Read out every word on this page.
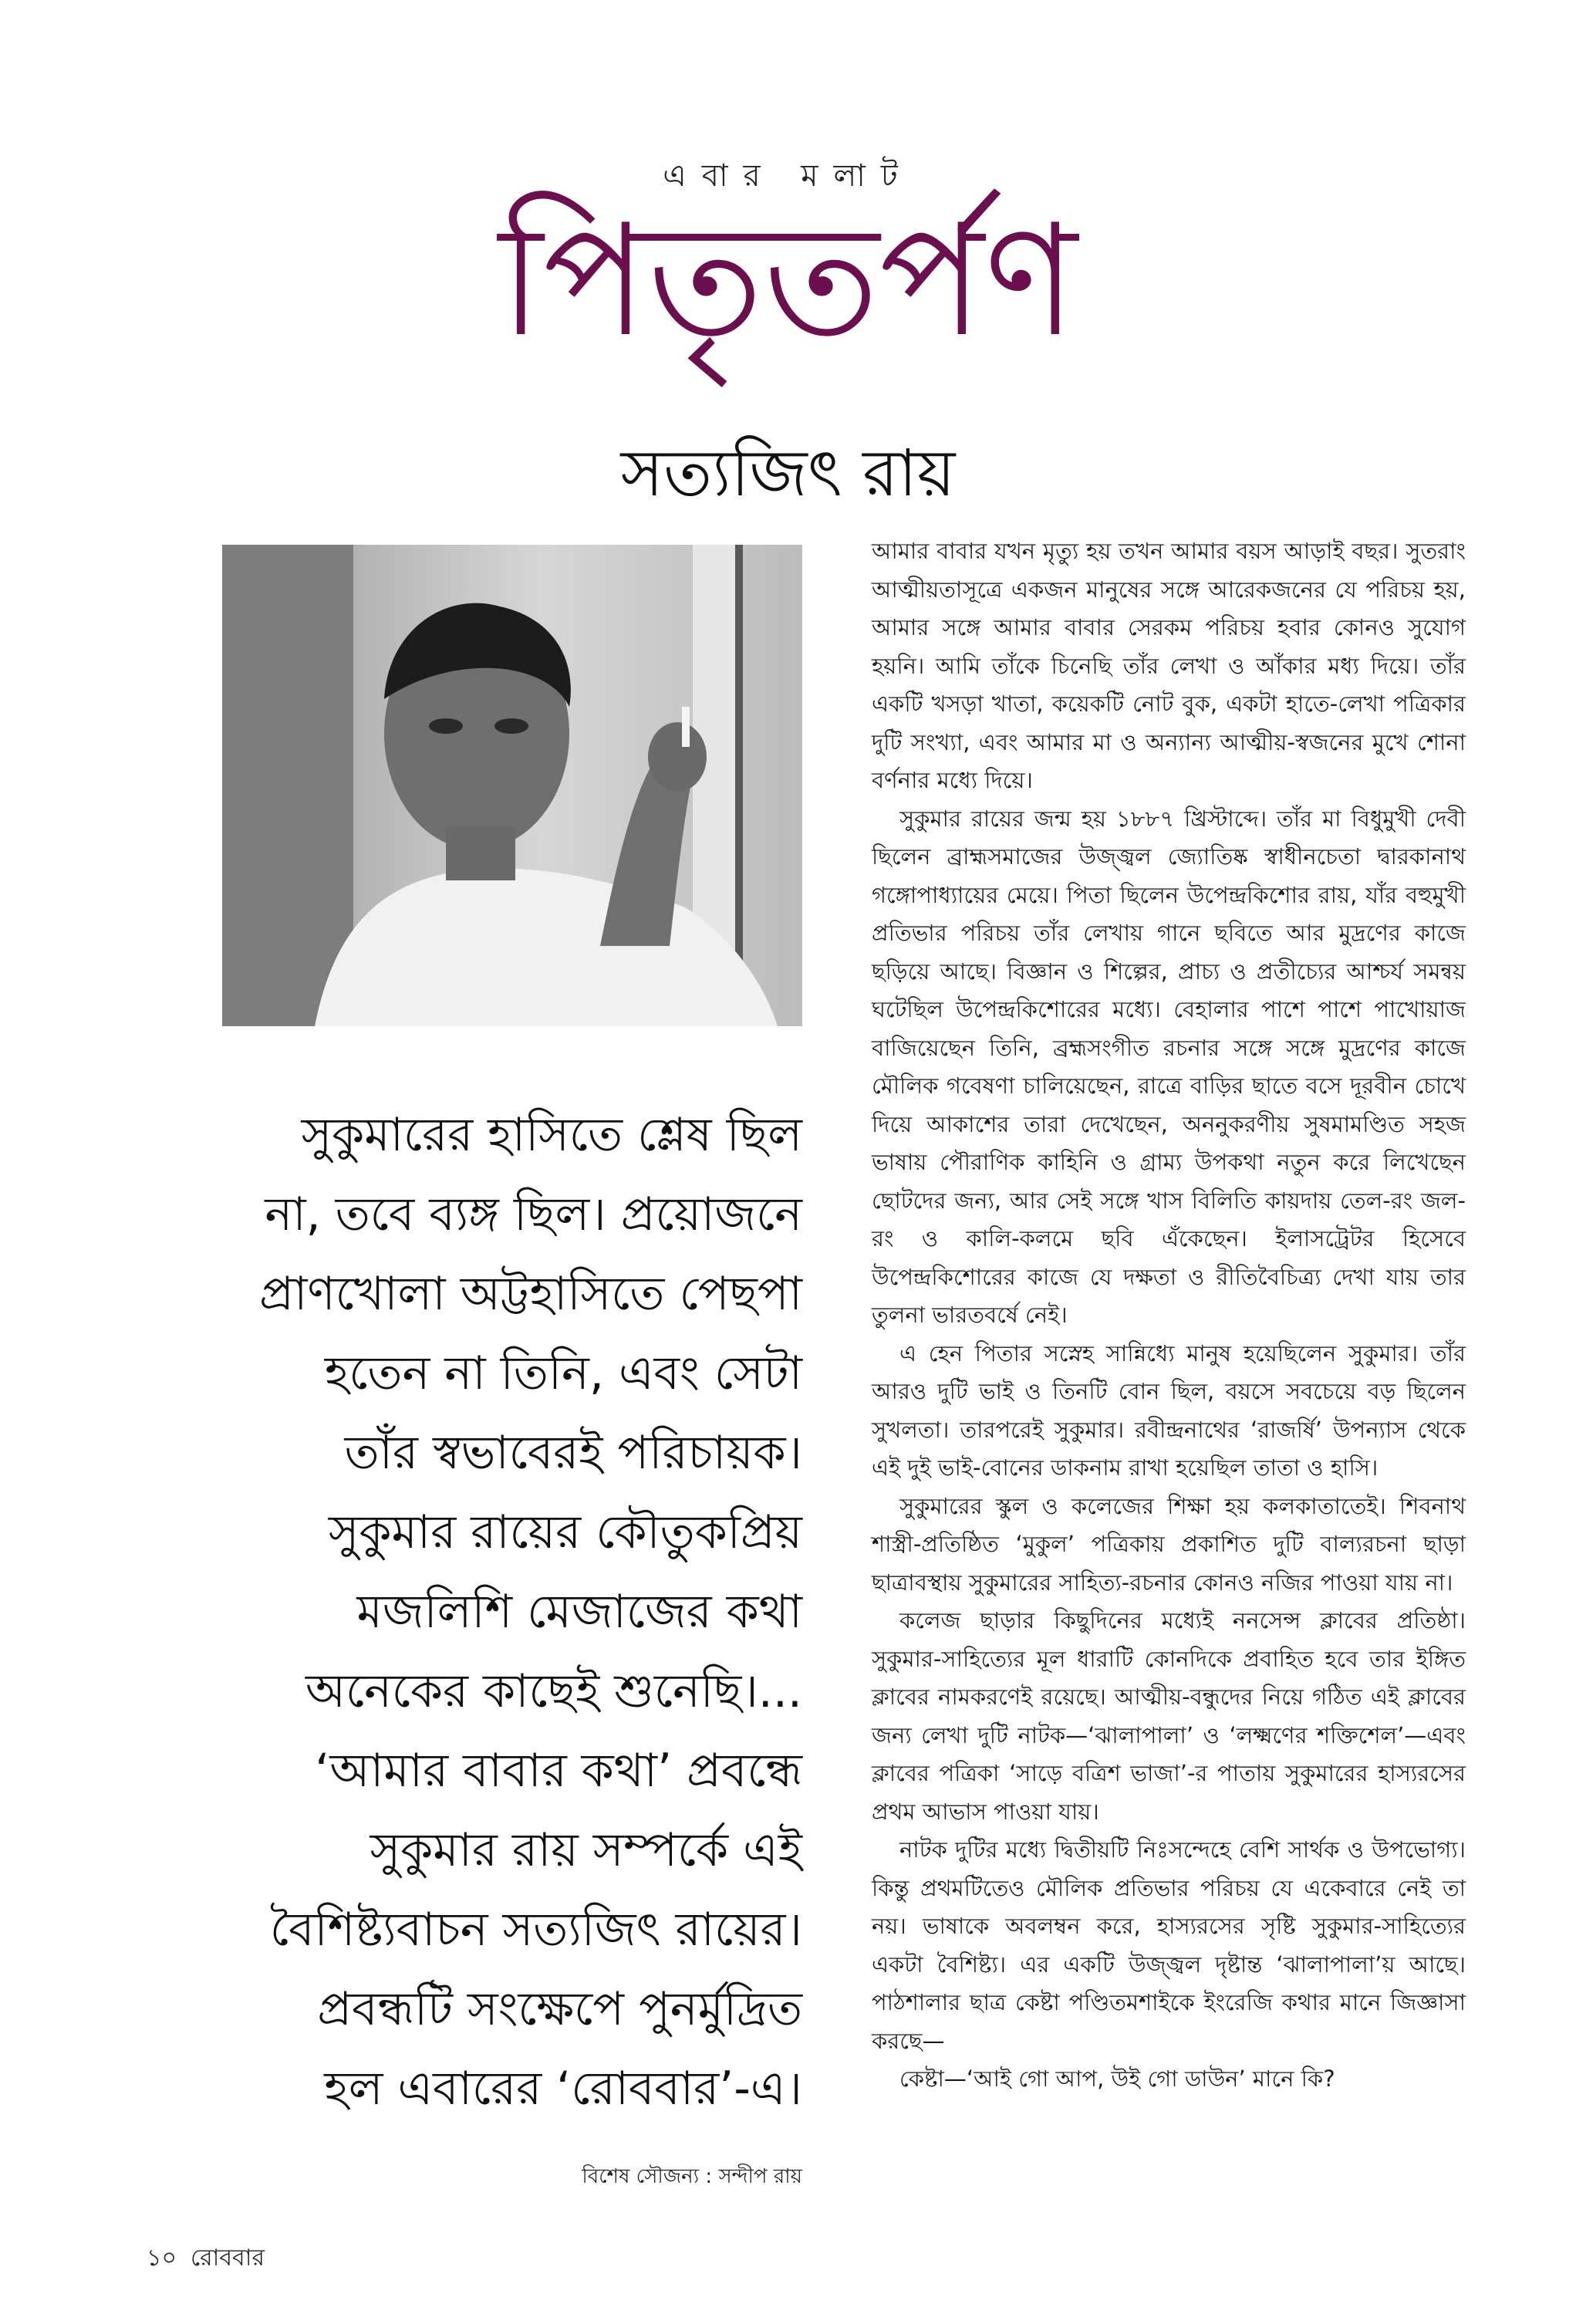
এবার মলাট
পিতৃতর্পণ
সত্যজিৎ রায়

সুকুমারের হাসিতে শ্লেষ ছিল

না, তবে ব্যঙ্গ ছিল। প্রয়োজনে

প্রাণখোলা অট্টহাসিতে পেছপা

হতেন না তিনি, এবং সেটা

তাঁর স্বভাবেরই পরিচায়ক।

সুকুমার রায়ের কৌতুকপ্রিয়

মজলিশি মেজাজের কথা

অনেকের কাছেই শুনেছি।...

‘আমার বাবার কথা’ প্রবন্ধে

সুকুমার রায় সম্পর্কে এই

বৈশিষ্ট্যবাচন সত্যজিৎ রায়ের।

প্রবন্ধটি সংক্ষেপে পুনর্মুদ্রিত

হল এবারের ‘রোববার’-এ।

বিশেষ সৌজন্য : সন্দীপ রায়
১০ রোববার

আমার বাবার যখন মৃত্যু হয় তখন আমার বয়স আড়াই বছর। সুতরাং আত্মীয়তাসূত্রে একজন মানুষের সঙ্গে আরেকজনের যে পরিচয় হয়, আমার সঙ্গে আমার বাবার সেরকম পরিচয় হবার কোনও সুযোগ হয়নি। আমি তাঁকে চিনেছি তাঁর লেখা ও আঁকার মধ্য দিয়ে। তাঁর একটি খসড়া খাতা, কয়েকটি নোট বুক, একটা হাতে-লেখা পত্রিকার দুটি সংখ্যা, এবং আমার মা ও অন্যান্য আত্মীয়-স্বজনের মুখে শোনা বর্ণনার মধ্যে দিয়ে।

সুকুমার রায়ের জন্ম হয় ১৮৮৭ খ্রিস্টাব্দে। তাঁর মা বিধুমুখী দেবী ছিলেন ব্রাহ্মসমাজের উজ্জ্বল জ্যোতিষ্ক স্বাধীনচেতা দ্বারকানাথ গঙ্গোপাধ্যায়ের মেয়ে। পিতা ছিলেন উপেন্দ্রকিশোর রায়, যাঁর বহুমুখী প্রতিভার পরিচয় তাঁর লেখায় গানে ছবিতে আর মুদ্রণের কাজে ছড়িয়ে আছে। বিজ্ঞান ও শিল্পের, প্রাচ্য ও প্রতীচ্যের আশ্চর্য সমন্বয় ঘটেছিল উপেন্দ্রকিশোরের মধ্যে। বেহালার পাশে পাশে পাখোয়াজ বাজিয়েছেন তিনি, ব্রহ্মসংগীত রচনার সঙ্গে সঙ্গে মুদ্রণের কাজে মৌলিক গবেষণা চালিয়েছেন, রাত্রে বাড়ির ছাতে বসে দূরবীন চোখে দিয়ে আকাশের তারা দেখেছেন, অননুকরণীয় সুষমামণ্ডিত সহজ ভাষায় পৌরাণিক কাহিনি ও গ্রাম্য উপকথা নতুন করে লিখেছেন ছোটদের জন্য, আর সেই সঙ্গে খাস বিলিতি কায়দায় তেল-রং জল-রং ও কালি-কলমে ছবি এঁকেছেন। ইলাসট্রেটর হিসেবে উপেন্দ্রকিশোরের কাজে যে দক্ষতা ও রীতিবৈচিত্র্য দেখা যায় তার তুলনা ভারতবর্ষে নেই।

এ হেন পিতার সস্নেহ সান্নিধ্যে মানুষ হয়েছিলেন সুকুমার। তাঁর আরও দুটি ভাই ও তিনটি বোন ছিল, বয়সে সবচেয়ে বড় ছিলেন সুখলতা। তারপরেই সুকুমার। রবীন্দ্রনাথের ‘রাজর্ষি’ উপন্যাস থেকে এই দুই ভাই-বোনের ডাকনাম রাখা হয়েছিল তাতা ও হাসি।

সুকুমারের স্কুল ও কলেজের শিক্ষা হয় কলকাতাতেই। শিবনাথ শাস্ত্রী-প্রতিষ্ঠিত ‘মুকুল’ পত্রিকায় প্রকাশিত দুটি বাল্যরচনা ছাড়া ছাত্রাবস্থায় সুকুমারের সাহিত্য-রচনার কোনও নজির পাওয়া যায় না।

কলেজ ছাড়ার কিছুদিনের মধ্যেই ননসেন্স ক্লাবের প্রতিষ্ঠা। সুকুমার-সাহিত্যের মূল ধারাটি কোনদিকে প্রবাহিত হবে তার ইঙ্গিত ক্লাবের নামকরণেই রয়েছে। আত্মীয়-বন্ধুদের নিয়ে গঠিত এই ক্লাবের জন্য লেখা দুটি নাটক—‘ঝালাপালা’ ও ‘লক্ষ্মণের শক্তিশেল’—এবং ক্লাবের পত্রিকা ‘সাড়ে বত্রিশ ভাজা’-র পাতায় সুকুমারের হাস্যরসের প্রথম আভাস পাওয়া যায়।

নাটক দুটির মধ্যে দ্বিতীয়টি নিঃসন্দেহে বেশি সার্থক ও উপভোগ্য। কিন্তু প্রথমটিতেও মৌলিক প্রতিভার পরিচয় যে একেবারে নেই তা নয়। ভাষাকে অবলম্বন করে, হাস্যরসের সৃষ্টি সুকুমার-সাহিত্যের একটা বৈশিষ্ট্য। এর একটি উজ্জ্বল দৃষ্টান্ত ‘ঝালাপালা’য় আছে। পাঠশালার ছাত্র কেষ্টা পণ্ডিতমশাইকে ইংরেজি কথার মানে জিজ্ঞাসা করছে—

কেষ্টা—‘আই গো আপ, উই গো ডাউন’ মানে কি?
